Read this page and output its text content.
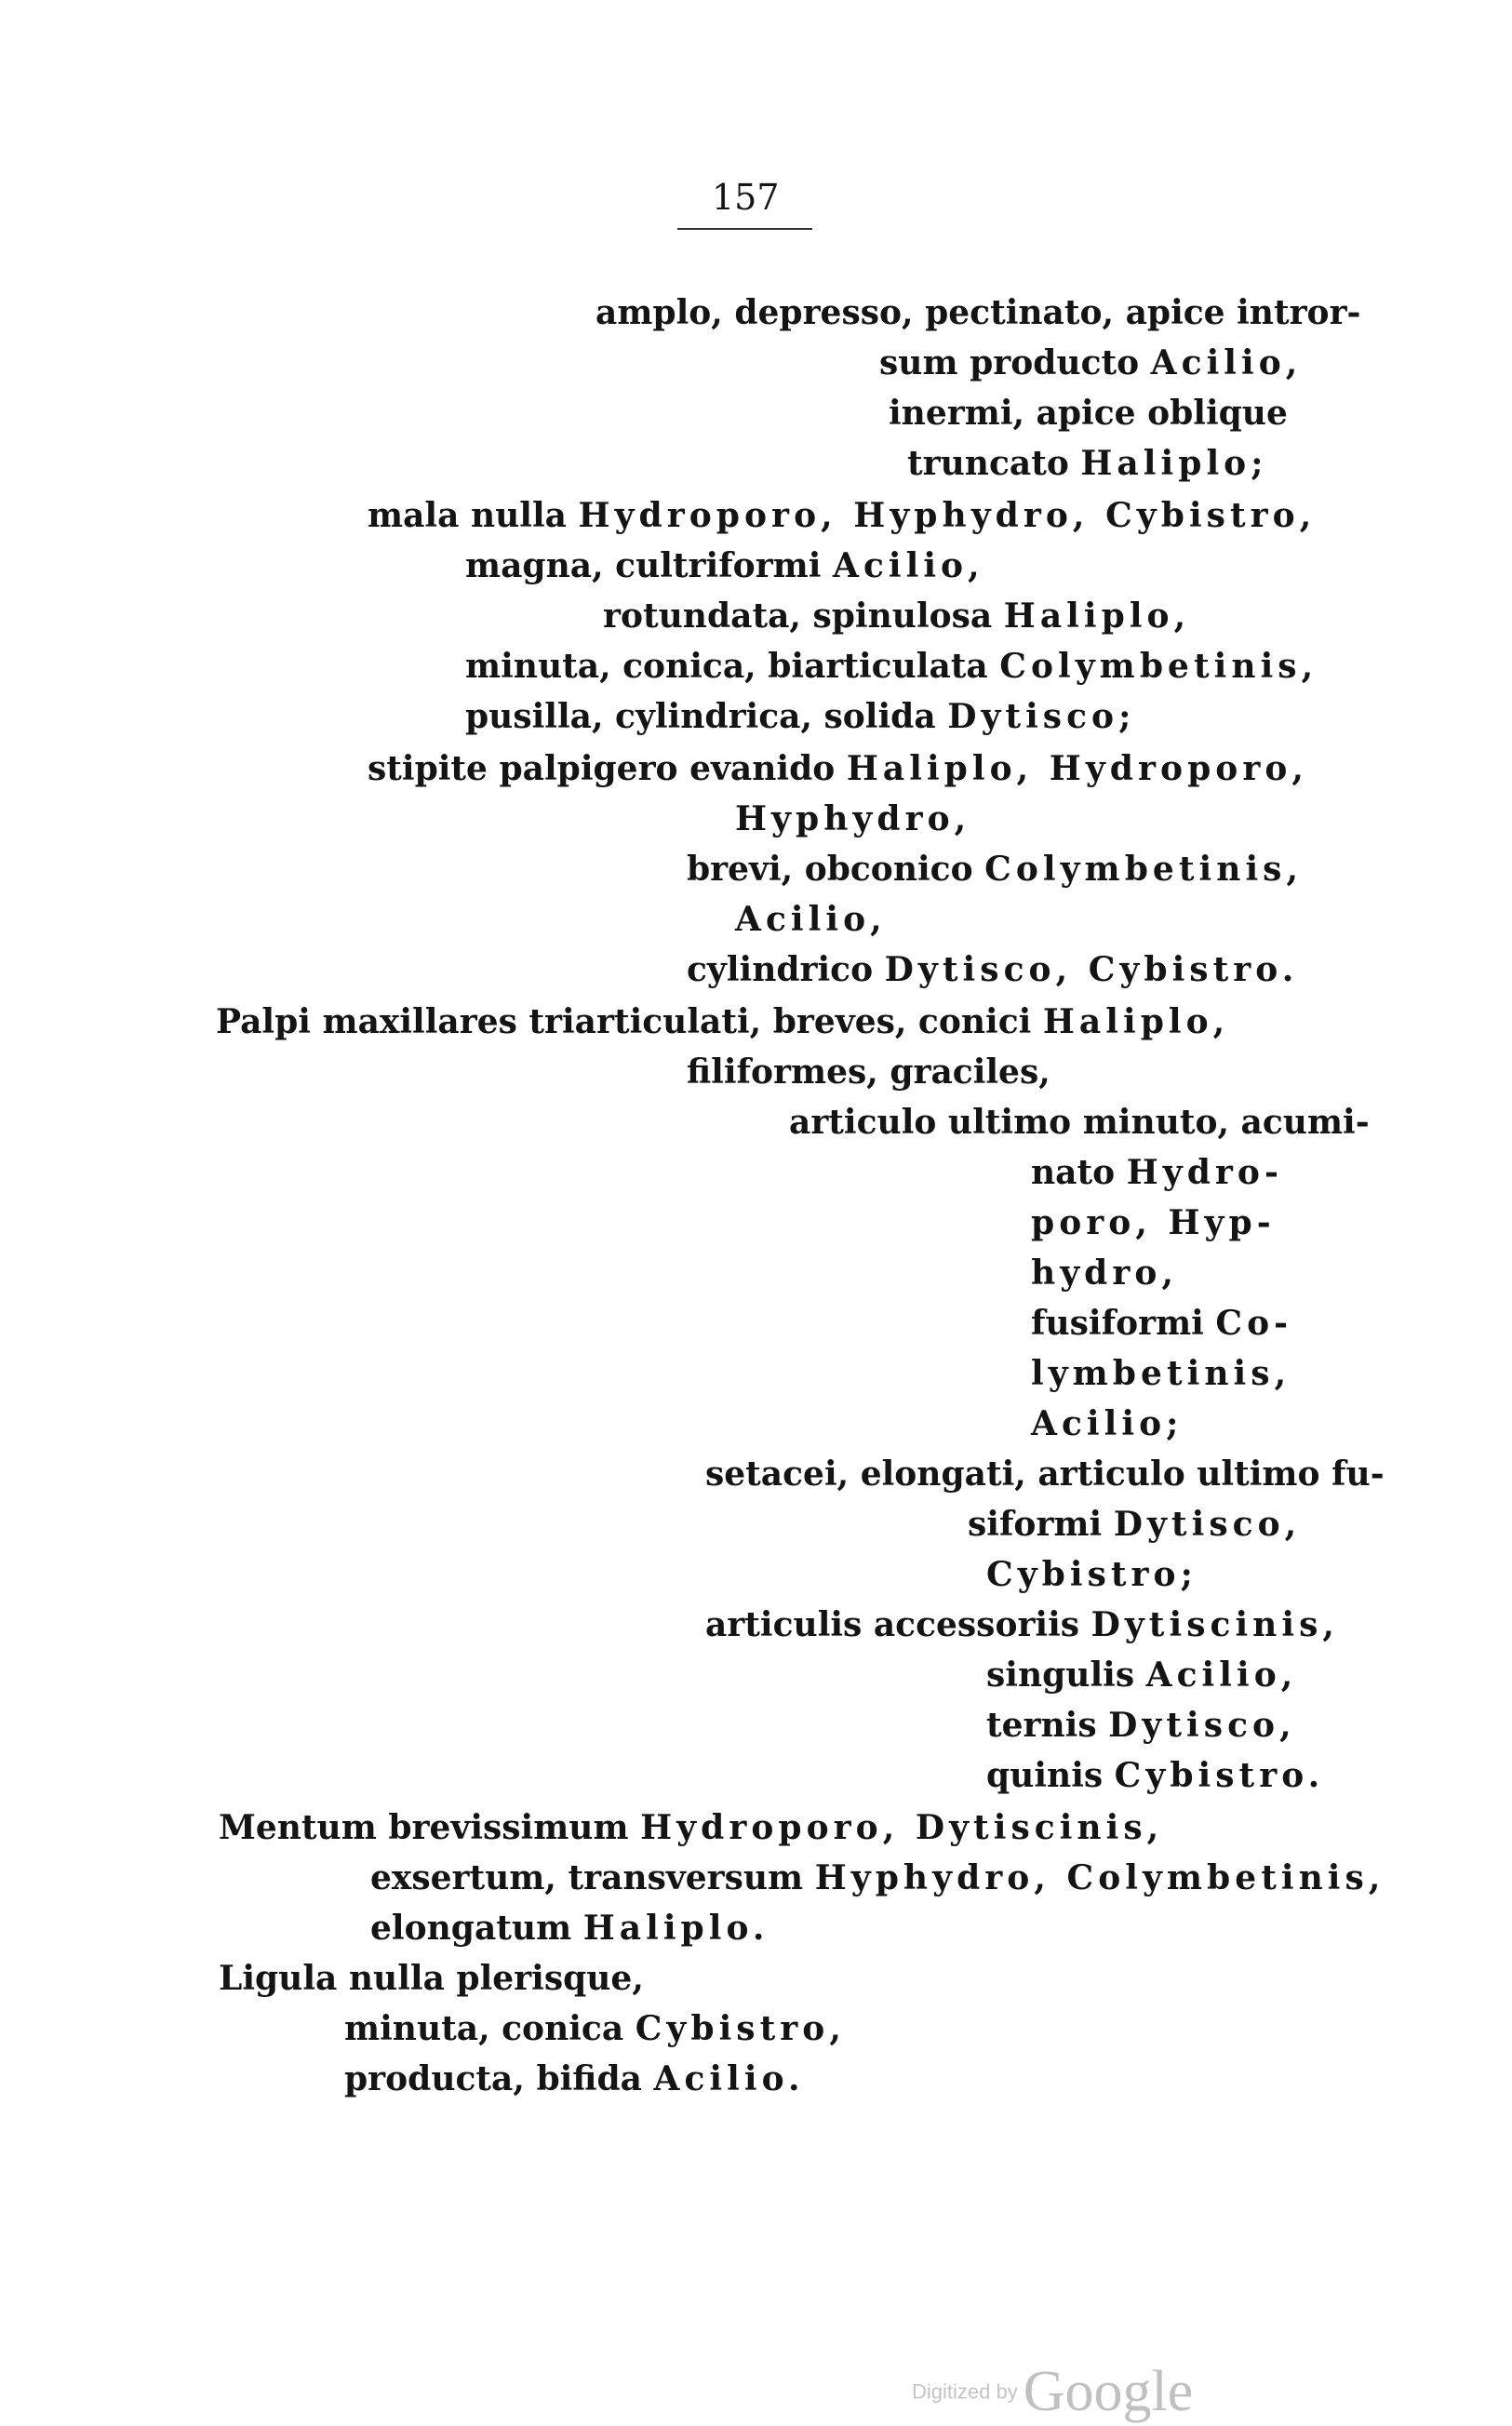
157
amplo, depresso, pectinato, apice intror-
sum producto Acilio,
inermi, apice oblique
truncato Haliplo;
mala nulla Hydroporo, Hyphydro, Cybistro,
magna, cultriformi Acilio,
rotundata, spinulosa Haliplo,
minuta, conica, biarticulata Colymbetinis,
pusilla, cylindrica, solida Dytisco;
stipite palpigero evanido Haliplo, Hydroporo,
Hyphydro,
brevi, obconico Colymbetinis,
Acilio,
cylindrico Dytisco, Cybistro.
Palpi maxillares triarticulati, breves, conici Haliplo,
filiformes, graciles,
articulo ultimo minuto, acumi-
nato Hydro-
poro, Hyp-
hydro,
fusiformi Co-
lymbetinis,
Acilio;
setacei, elongati, articulo ultimo fu-
siformi Dytisco,
Cybistro;
articulis accessoriis Dytiscinis,
singulis Acilio,
ternis Dytisco,
quinis Cybistro.
Mentum brevissimum Hydroporo, Dytiscinis,
exsertum, transversum Hyphydro, Colymbetinis,
elongatum Haliplo.
Ligula nulla plerisque,
minuta, conica Cybistro,
producta, bifida Acilio.
Digitized byGoogle
